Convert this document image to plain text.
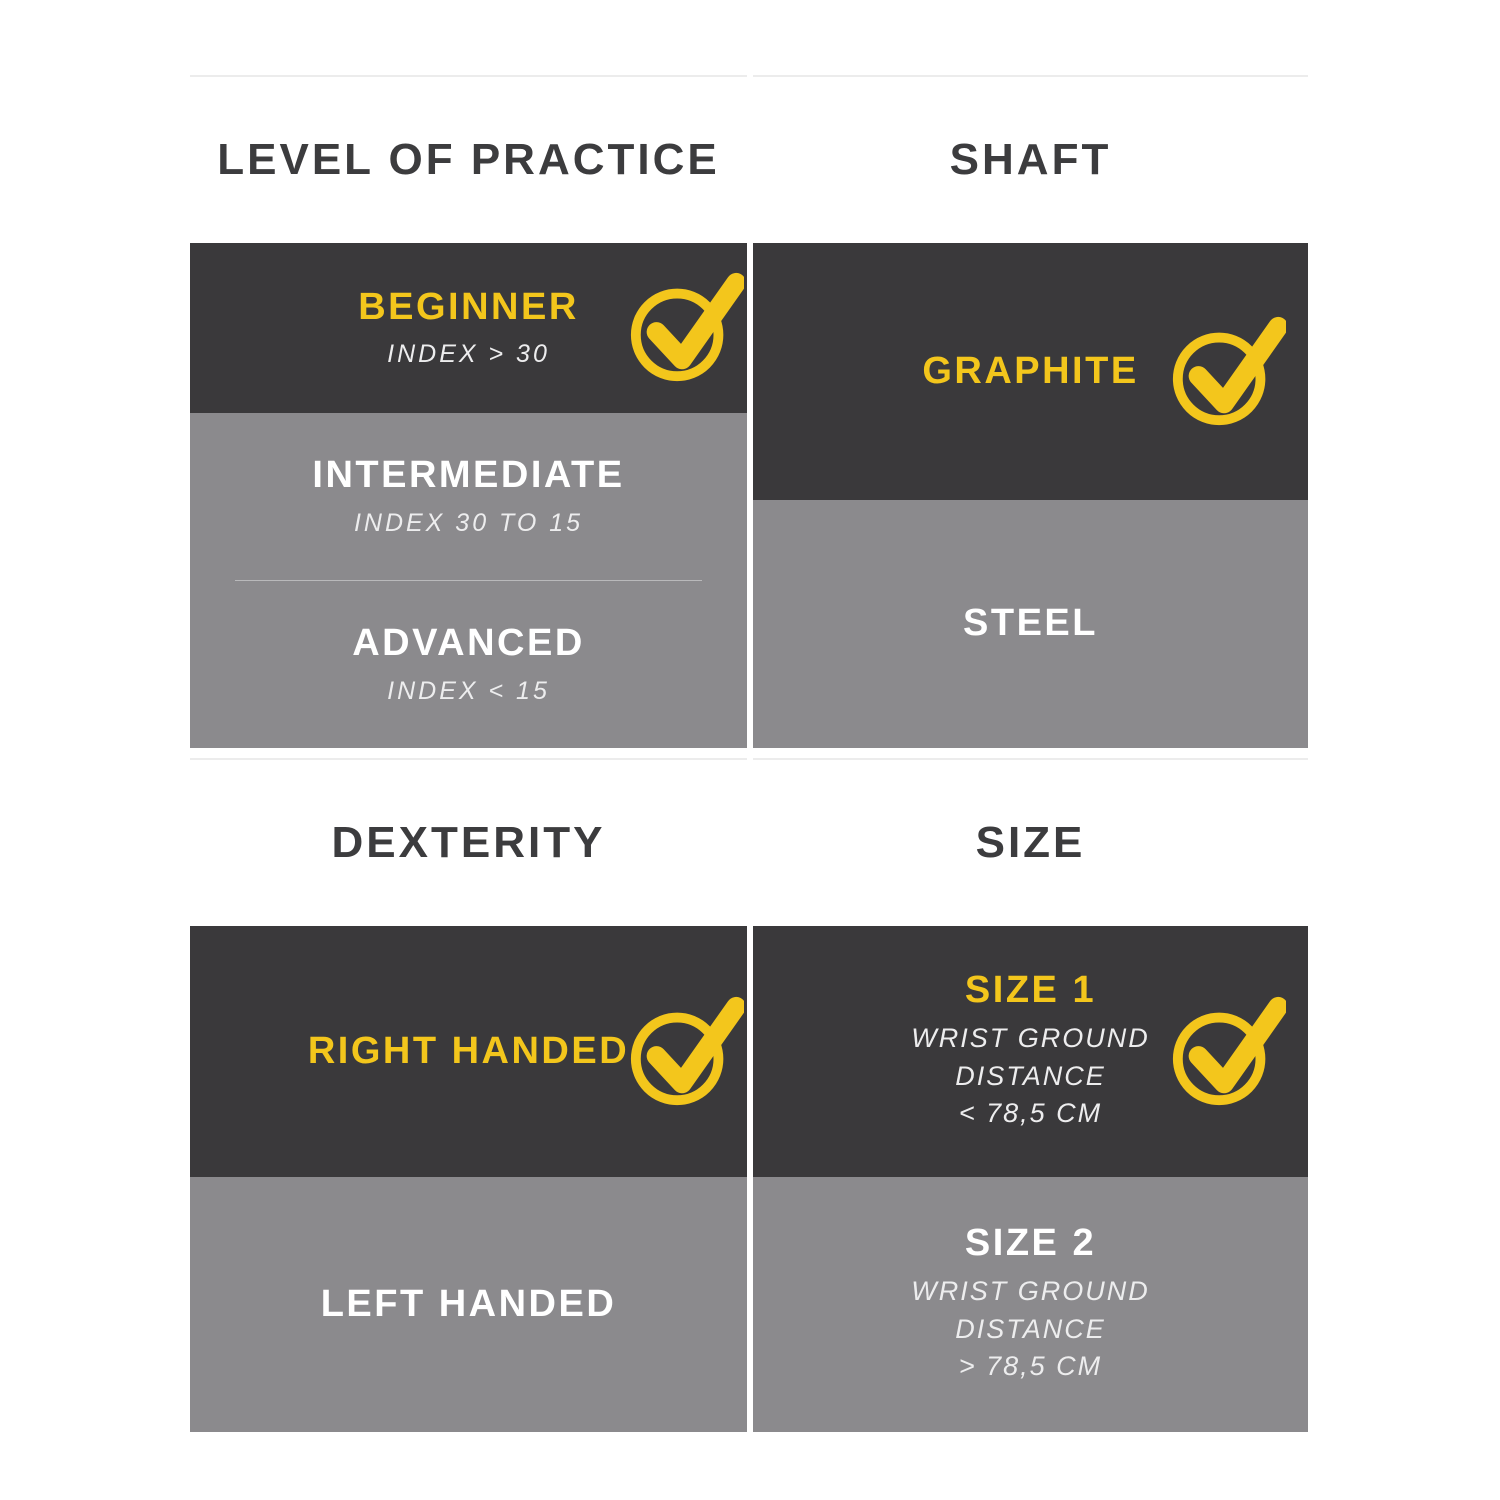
LEVEL OF PRACTICE
BEGINNER
INDEX > 30
INTERMEDIATE
INDEX 30 TO 15
ADVANCED
INDEX < 15
SHAFT
GRAPHITE
STEEL
DEXTERITY
RIGHT HANDED
LEFT HANDED
SIZE
SIZE 1
WRIST GROUND
DISTANCE
< 78,5 CM
SIZE 2
WRIST GROUND
DISTANCE
> 78,5 CM
